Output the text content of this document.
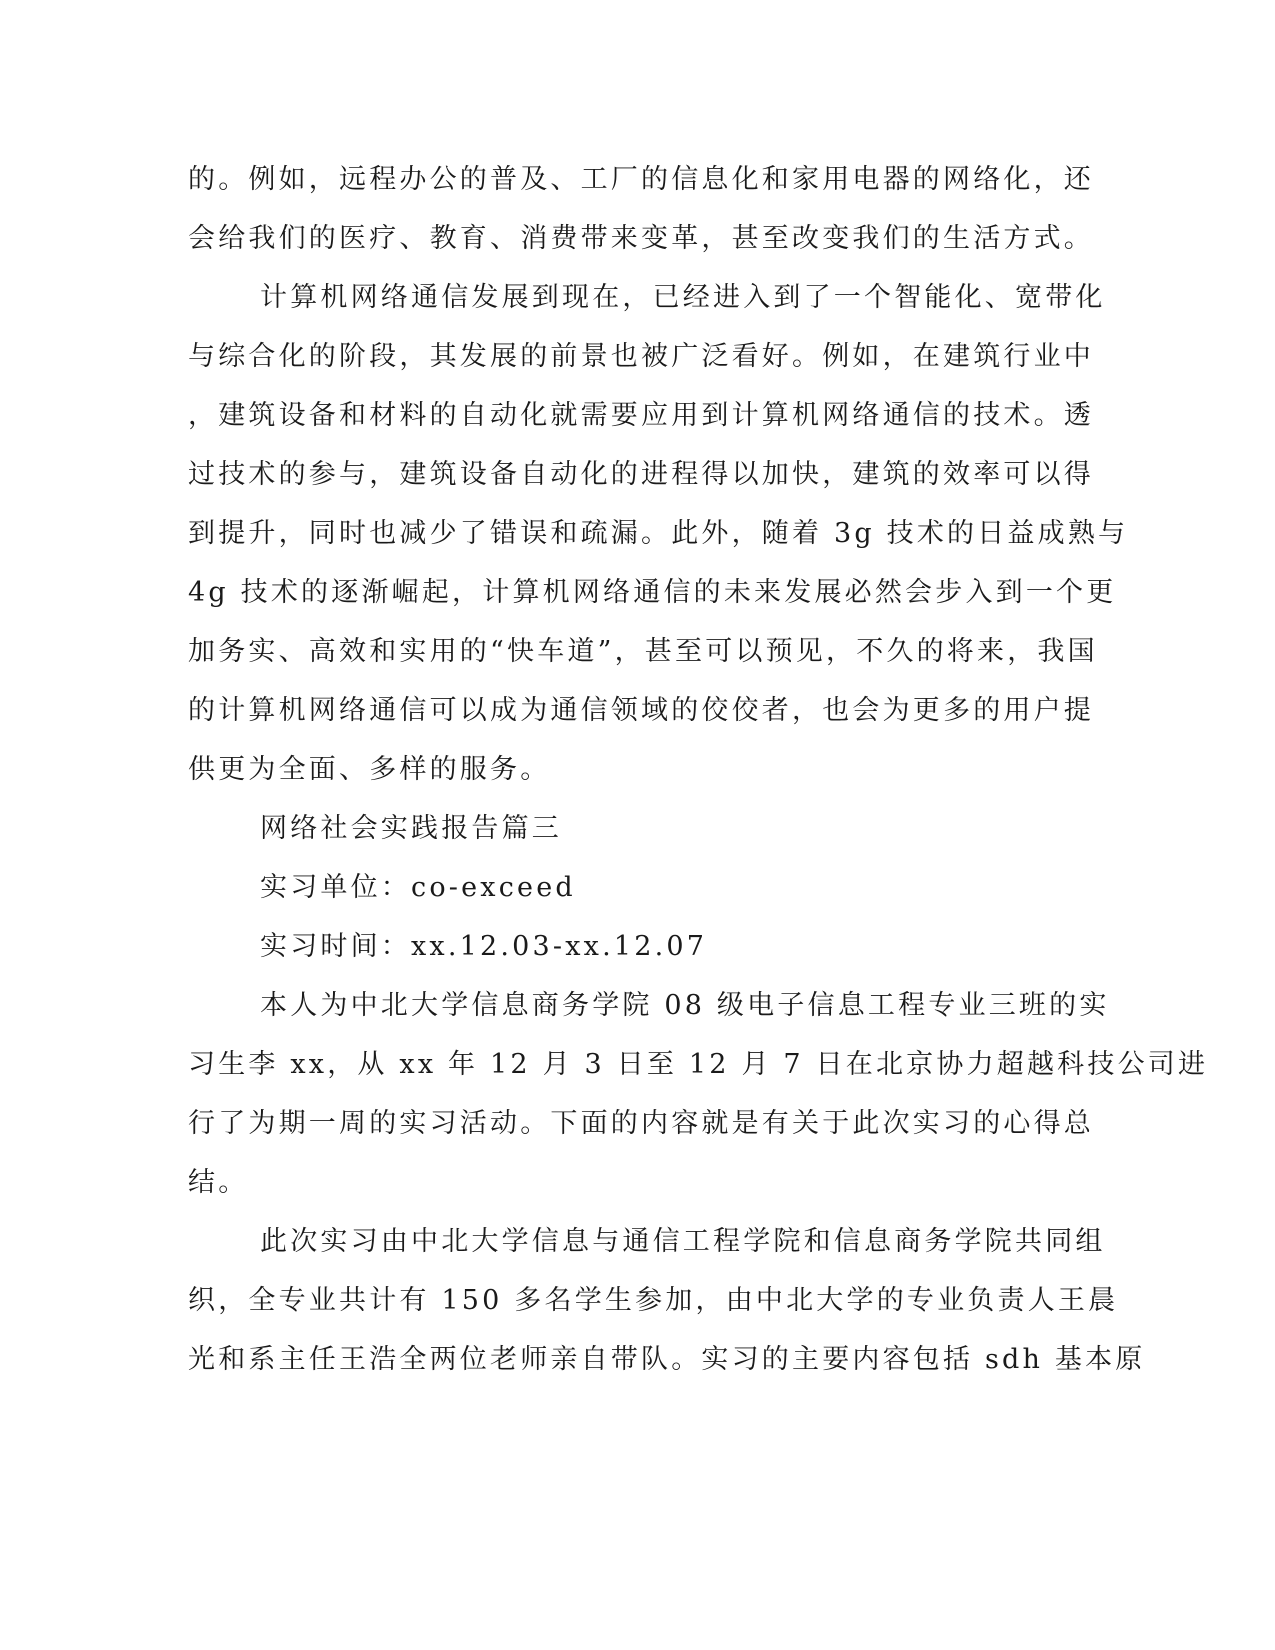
的。例如，远程办公的普及、工厂的信息化和家用电器的网络化，还
会给我们的医疗、教育、消费带来变革，甚至改变我们的生活方式。
计算机网络通信发展到现在，已经进入到了一个智能化、宽带化
与综合化的阶段，其发展的前景也被广泛看好。例如，在建筑行业中
，建筑设备和材料的自动化就需要应用到计算机网络通信的技术。透
过技术的参与，建筑设备自动化的进程得以加快，建筑的效率可以得
到提升，同时也减少了错误和疏漏。此外，随着 3g 技术的日益成熟与
4g 技术的逐渐崛起，计算机网络通信的未来发展必然会步入到一个更
加务实、高效和实用的“快车道”，甚至可以预见，不久的将来，我国
的计算机网络通信可以成为通信领域的佼佼者，也会为更多的用户提
供更为全面、多样的服务。
网络社会实践报告篇三
实习单位：co-exceed
实习时间：xx.12.03-xx.12.07
本人为中北大学信息商务学院 08 级电子信息工程专业三班的实
习生李 xx，从 xx 年 12 月 3 日至 12 月 7 日在北京协力超越科技公司进
行了为期一周的实习活动。下面的内容就是有关于此次实习的心得总
结。
此次实习由中北大学信息与通信工程学院和信息商务学院共同组
织，全专业共计有 150 多名学生参加，由中北大学的专业负责人王晨
光和系主任王浩全两位老师亲自带队。实习的主要内容包括 sdh 基本原
